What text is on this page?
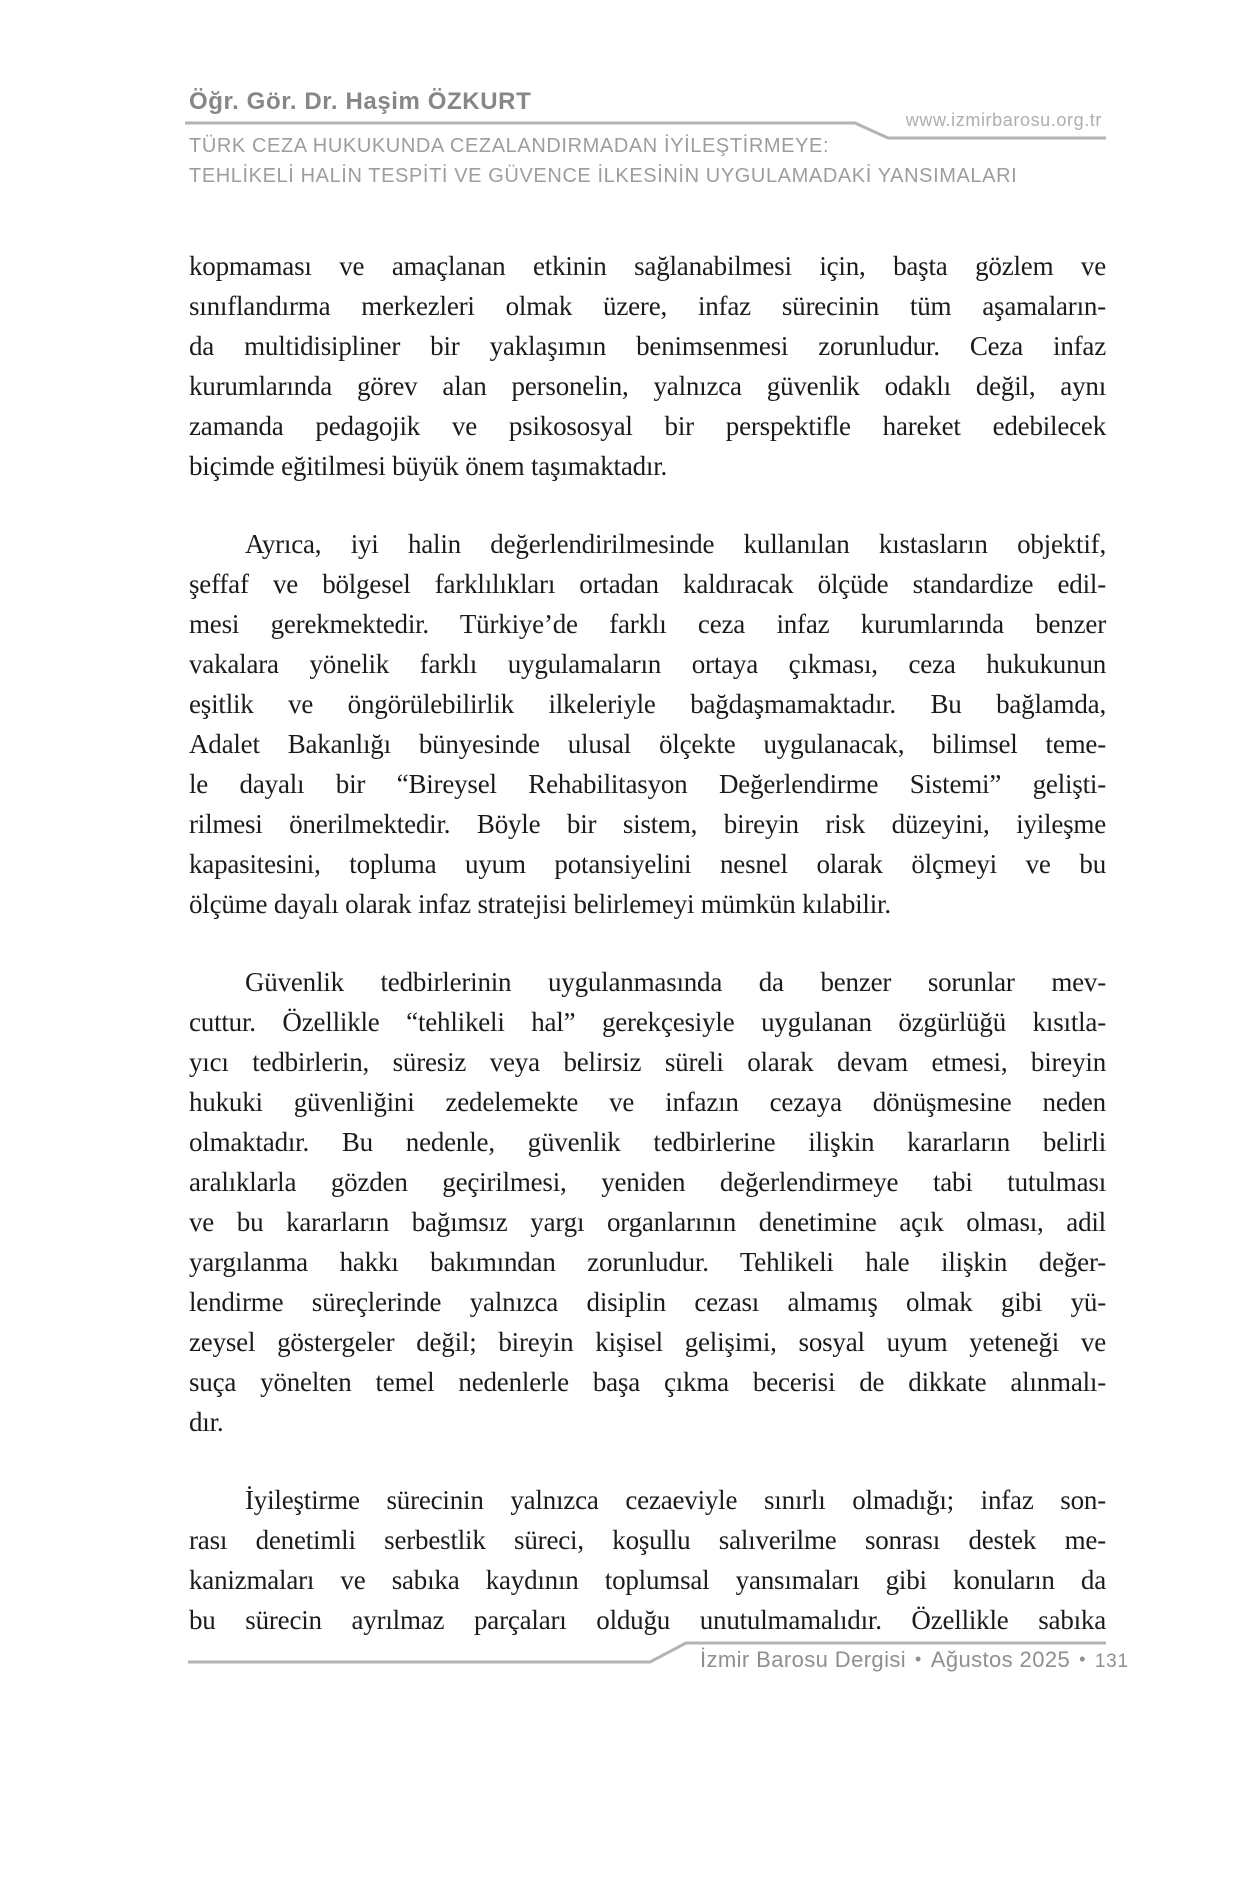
Öğr. Gör. Dr. Haşim ÖZKURT
www.izmirbarosu.org.tr
TÜRK CEZA HUKUKUNDA CEZALANDIRMADAN İYİLEŞTİRMEYE:
TEHLİKELİ HALİN TESPİTİ VE GÜVENCE İLKESİNİN UYGULAMADAKİ YANSIMALARI
kopmaması ve amaçlanan etkinin sağlanabilmesi için, başta gözlem ve
sınıflandırma merkezleri olmak üzere, infaz sürecinin tüm aşamaların-
da multidisipliner bir yaklaşımın benimsenmesi zorunludur. Ceza infaz
kurumlarında görev alan personelin, yalnızca güvenlik odaklı değil, aynı
zamanda pedagojik ve psikososyal bir perspektifle hareket edebilecek
biçimde eğitilmesi büyük önem taşımaktadır.
Ayrıca, iyi halin değerlendirilmesinde kullanılan kıstasların objektif,
şeffaf ve bölgesel farklılıkları ortadan kaldıracak ölçüde standardize edil-
mesi gerekmektedir. Türkiye’de farklı ceza infaz kurumlarında benzer
vakalara yönelik farklı uygulamaların ortaya çıkması, ceza hukukunun
eşitlik ve öngörülebilirlik ilkeleriyle bağdaşmamaktadır. Bu bağlamda,
Adalet Bakanlığı bünyesinde ulusal ölçekte uygulanacak, bilimsel teme-
le dayalı bir “Bireysel Rehabilitasyon Değerlendirme Sistemi” gelişti-
rilmesi önerilmektedir. Böyle bir sistem, bireyin risk düzeyini, iyileşme
kapasitesini, topluma uyum potansiyelini nesnel olarak ölçmeyi ve bu
ölçüme dayalı olarak infaz stratejisi belirlemeyi mümkün kılabilir.
Güvenlik tedbirlerinin uygulanmasında da benzer sorunlar mev-
cuttur. Özellikle “tehlikeli hal” gerekçesiyle uygulanan özgürlüğü kısıtla-
yıcı tedbirlerin, süresiz veya belirsiz süreli olarak devam etmesi, bireyin
hukuki güvenliğini zedelemekte ve infazın cezaya dönüşmesine neden
olmaktadır. Bu nedenle, güvenlik tedbirlerine ilişkin kararların belirli
aralıklarla gözden geçirilmesi, yeniden değerlendirmeye tabi tutulması
ve bu kararların bağımsız yargı organlarının denetimine açık olması, adil
yargılanma hakkı bakımından zorunludur. Tehlikeli hale ilişkin değer-
lendirme süreçlerinde yalnızca disiplin cezası almamış olmak gibi yü-
zeysel göstergeler değil; bireyin kişisel gelişimi, sosyal uyum yeteneği ve
suça yönelten temel nedenlerle başa çıkma becerisi de dikkate alınmalı-
dır.
İyileştirme sürecinin yalnızca cezaeviyle sınırlı olmadığı; infaz son-
rası denetimli serbestlik süreci, koşullu salıverilme sonrası destek me-
kanizmaları ve sabıka kaydının toplumsal yansımaları gibi konuların da
bu sürecin ayrılmaz parçaları olduğu unutulmamalıdır. Özellikle sabıka
İzmir Barosu Dergisi • Ağustos 2025 • 131
